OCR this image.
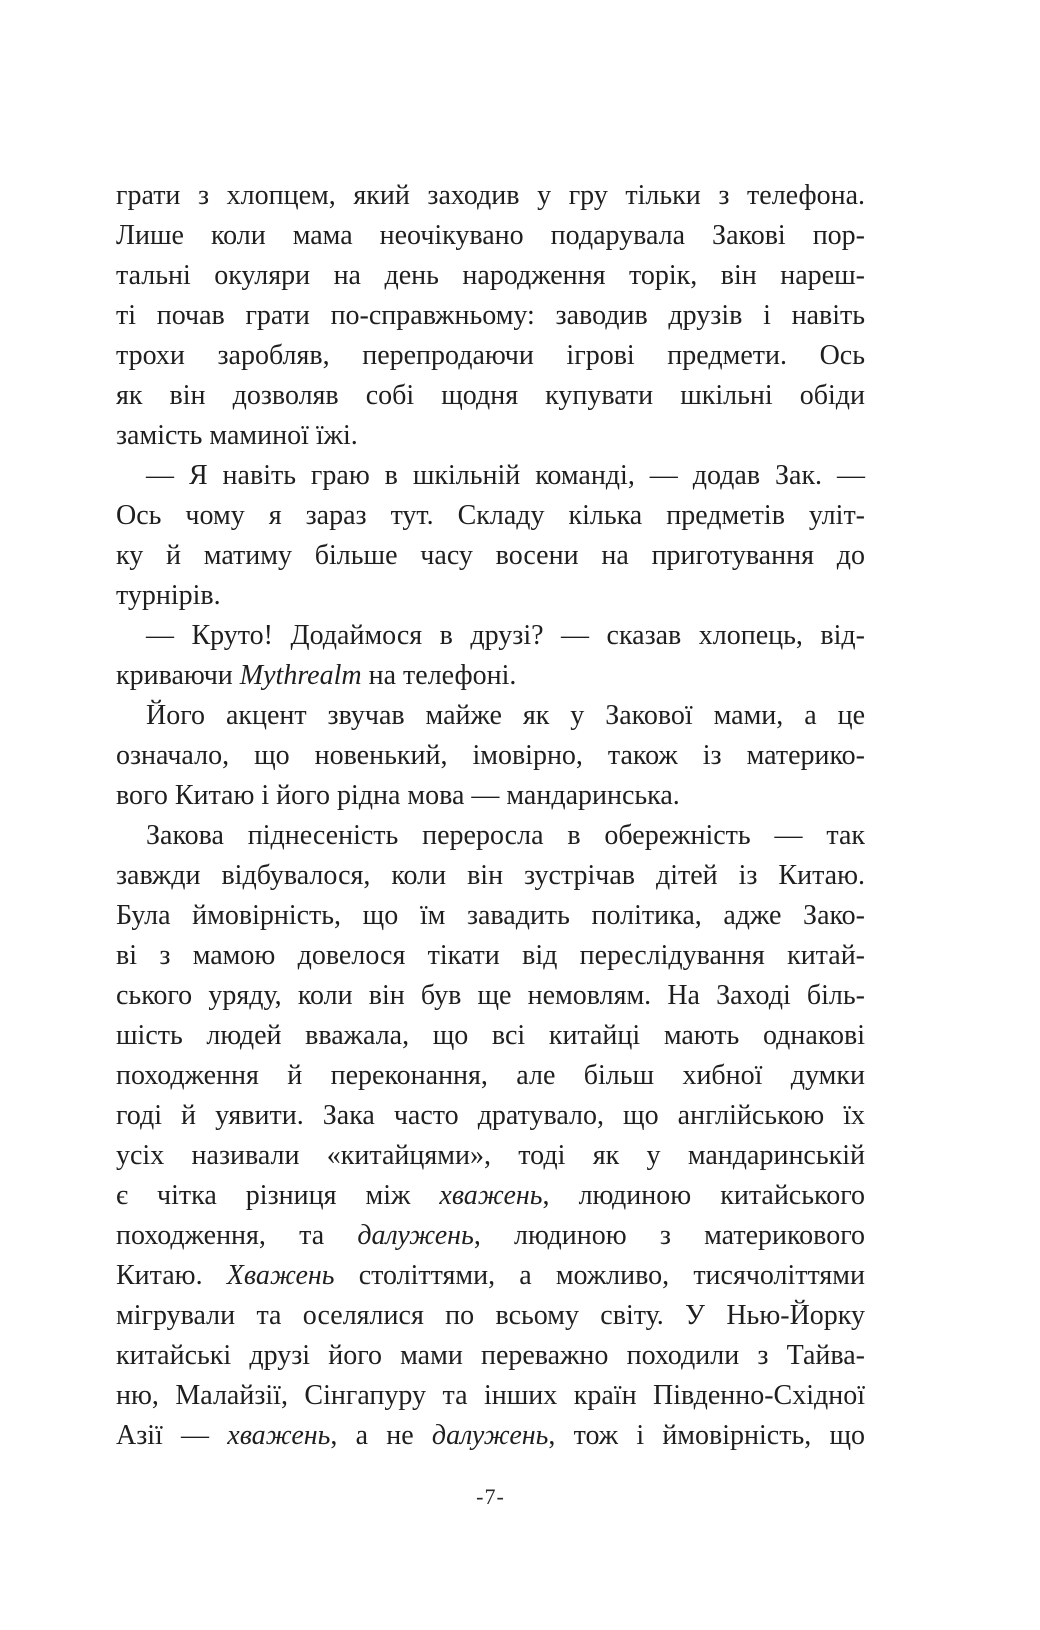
грати з хлопцем, який заходив у гру тільки з телефона.
Лише коли мама неочікувано подарувала Закові пор-
тальні окуляри на день народження торік, він нареш-
ті почав грати по-справжньому: заводив друзів і навіть
трохи заробляв, перепродаючи ігрові предмети. Ось
як він дозволяв собі щодня купувати шкільні обіди
замість маминої їжі.
— Я навіть граю в шкільній команді, — додав Зак. —
Ось чому я зараз тут. Складу кілька предметів уліт-
ку й матиму більше часу восени на приготування до
турнірів.
— Круто! Додаймося в друзі? — сказав хлопець, від-
криваючи Mythrealm на телефоні.
Його акцент звучав майже як у Закової мами, а це
означало, що новенький, імовірно, також із материко-
вого Китаю і його рідна мова — мандаринська.
Закова піднесеність переросла в обережність — так
завжди відбувалося, коли він зустрічав дітей із Китаю.
Була ймовірність, що їм завадить політика, адже Зако-
ві з мамою довелося тікати від переслідування китай-
ського уряду, коли він був ще немовлям. На Заході біль-
шість людей вважала, що всі китайці мають однакові
походження й переконання, але більш хибної думки
годі й уявити. Зака часто дратувало, що англійською їх
усіх називали «китайцями», тоді як у мандаринській
є чітка різниця між хважень, людиною китайського
походження, та далужень, людиною з материкового
Китаю. Хважень століттями, а можливо, тисячоліттями
мігрували та оселялися по всьому світу. У Нью-Йорку
китайські друзі його мами переважно походили з Тайва-
ню, Малайзії, Сінгапуру та інших країн Південно-Східної
Азії — хважень, а не далужень, тож і ймовірність, що
-7-
